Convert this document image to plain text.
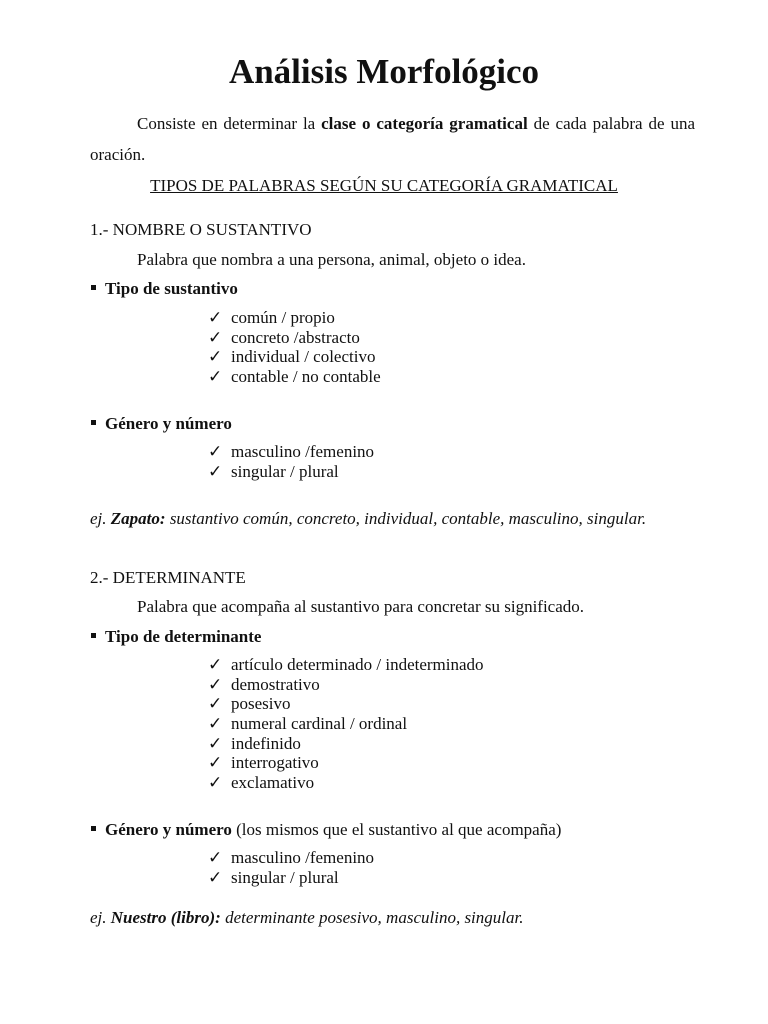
Análisis Morfológico

Consiste en determinar la clase o categoría gramatical de cada palabra de una oración.

TIPOS DE PALABRAS SEGÚN SU CATEGORÍA GRAMATICAL
1.- NOMBRE O SUSTANTIVO
Palabra que nombra a una persona, animal, objeto o idea.
Tipo de sustantivo
✓ común / propio
✓ concreto /abstracto
✓ individual / colectivo
✓ contable / no contable
Género y número
✓ masculino /femenino
✓ singular / plural
ej. Zapato: sustantivo común, concreto, individual, contable, masculino, singular.
2.- DETERMINANTE
Palabra que acompaña al sustantivo para concretar su significado.
Tipo de determinante
✓ artículo determinado / indeterminado
✓ demostrativo
✓ posesivo
✓ numeral cardinal / ordinal
✓ indefinido
✓ interrogativo
✓ exclamativo
Género y número (los mismos que el sustantivo al que acompaña)
✓ masculino /femenino
✓ singular / plural
ej. Nuestro (libro): determinante posesivo, masculino, singular.
